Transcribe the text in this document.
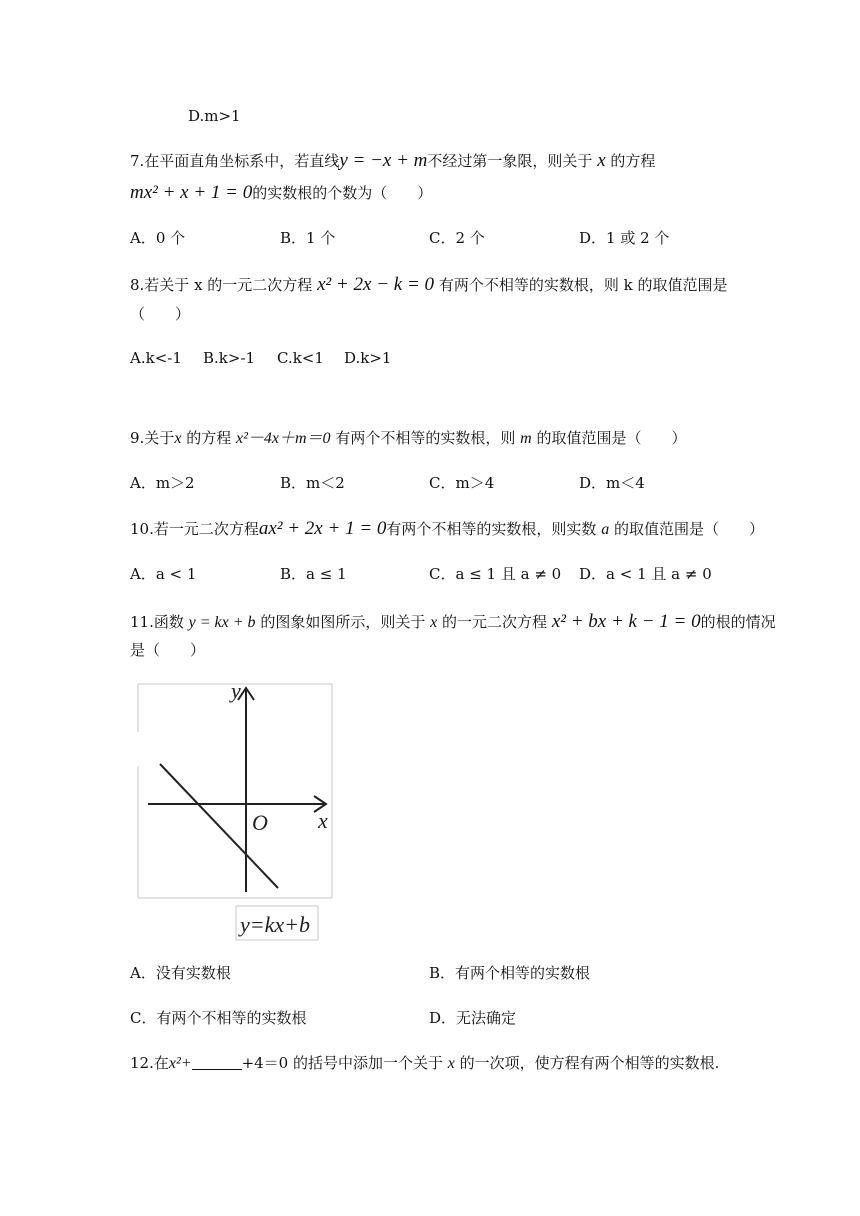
D.m>1
7.在平面直角坐标系中，若直线y = −x + m不经过第一象限，则关于 x 的方程
mx² + x + 1 = 0的实数根的个数为（　　）
A．0 个	B．1 个	C．2 个	D．1 或 2 个
8.若关于 x 的一元二次方程 x² + 2x − k = 0 有两个不相等的实数根，则 k 的取值范围是
（　　）
A.k<-1 B.k>-1 C.k<1 D.k>1
9.关于x 的方程 x²－4x＋m＝0 有两个不相等的实数根，则 m 的取值范围是（　　）
A．m＞2	B．m＜2	C．m＞4	D．m＜4
10.若一元二次方程ax² + 2x + 1 = 0有两个不相等的实数根，则实数 a 的取值范围是（　　）
A．a < 1	B．a ≤ 1	C．a ≤ 1 且 a ≠ 0 D．a < 1 且 a ≠ 0
11.函数 y = kx + b 的图象如图所示，则关于 x 的一元二次方程 x² + bx + k − 1 = 0的根的情况
是（　　）
y
x
O
y=kx+b
A．没有实数根	B．有两个相等的实数根
C．有两个不相等的实数根	D．无法确定
12.在x²+	+4＝0 的括号中添加一个关于 x 的一次项，使方程有两个相等的实数根.
